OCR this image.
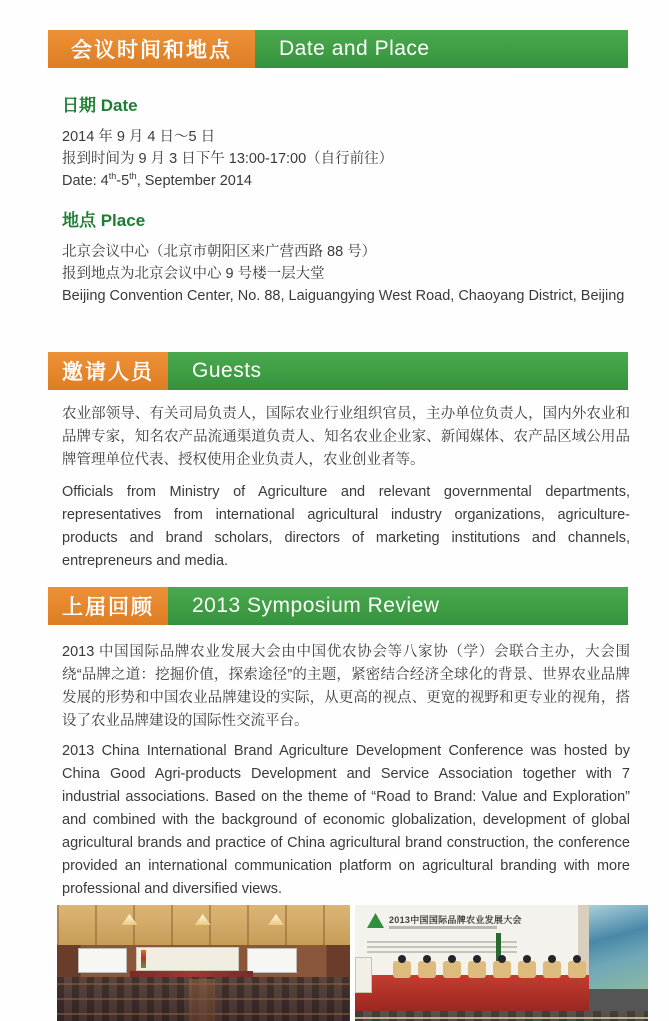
会议时间和地点	Date and Place
日期 Date
2014 年 9 月 4 日～5 日
报到时间为 9 月 3 日下午 13:00-17:00（自行前往）
Date: 4th-5th, September 2014
地点 Place
北京会议中心（北京市朝阳区来广营西路 88 号）
报到地点为北京会议中心 9 号楼一层大堂
Beijing Convention Center, No. 88, Laiguangying West Road, Chaoyang District, Beijing
邀请人员	Guests

农业部领导、有关司局负责人，国际农业行业组织官员，主办单位负责人，国内外农业和品牌专家，知名农产品流通渠道负责人、知名农业企业家、新闻媒体、农产品区域公用品牌管理单位代表、授权使用企业负责人，农业创业者等。

Officials from Ministry of Agriculture and relevant governmental departments, representatives from international agricultural industry organizations, agriculture-products and brand scholars, directors of marketing institutions and channels, entrepreneurs and media.

上届回顾	2013 Symposium Review

2013 中国国际品牌农业发展大会由中国优农协会等八家协（学）会联合主办，大会围绕“品牌之道：挖掘价值，探索途径”的主题，紧密结合经济全球化的背景、世界农业品牌发展的形势和中国农业品牌建设的实际，从更高的视点、更宽的视野和更专业的视角，搭设了农业品牌建设的国际性交流平台。

2013 China International Brand Agriculture Development Conference was hosted by China Good Agri-products Development and Service Association together with 7 industrial associations. Based on the theme of “Road to Brand: Value and Exploration” and combined with the background of economic globalization, development of global agricultural brands and practice of China agricultural brand construction, the conference provided an international communication platform on agricultural branding with more professional and diversified views.

2013中国国际品牌农业发展大会
